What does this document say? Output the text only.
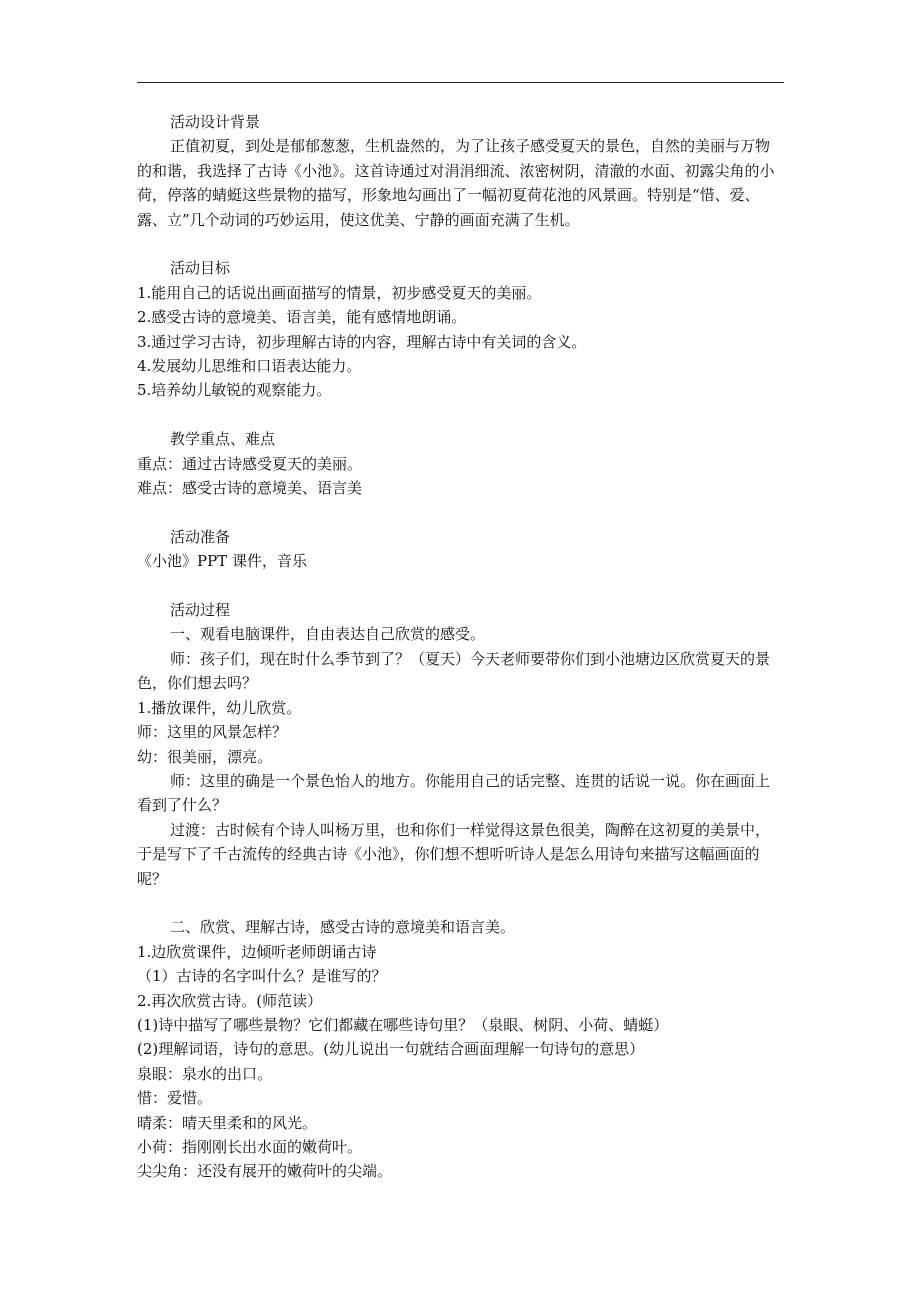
活动设计背景

正值初夏，到处是郁郁葱葱，生机盎然的，为了让孩子感受夏天的景色，自然的美丽与万物的和谐，我选择了古诗《小池》。这首诗通过对涓涓细流、浓密树阴，清澈的水面、初露尖角的小荷，停落的蜻蜓这些景物的描写，形象地勾画出了一幅初夏荷花池的风景画。特别是“惜、爱、露、立”几个动词的巧妙运用，使这优美、宁静的画面充满了生机。

活动目标

1.能用自己的话说出画面描写的情景，初步感受夏天的美丽。

2.感受古诗的意境美、语言美，能有感情地朗诵。

3.通过学习古诗，初步理解古诗的内容，理解古诗中有关词的含义。

4.发展幼儿思维和口语表达能力。

5.培养幼儿敏锐的观察能力。

教学重点、难点

重点：通过古诗感受夏天的美丽。

难点：感受古诗的意境美、语言美

活动准备

《小池》PPT 课件，音乐

活动过程

一、观看电脑课件，自由表达自己欣赏的感受。

师：孩子们，现在时什么季节到了？（夏天）今天老师要带你们到小池塘边区欣赏夏天的景色，你们想去吗？

1.播放课件，幼儿欣赏。

师：这里的风景怎样？

幼：很美丽，漂亮。

师：这里的确是一个景色怡人的地方。你能用自己的话完整、连贯的话说一说。你在画面上看到了什么？

过渡：古时候有个诗人叫杨万里，也和你们一样觉得这景色很美，陶醉在这初夏的美景中，于是写下了千古流传的经典古诗《小池》，你们想不想听听诗人是怎么用诗句来描写这幅画面的呢？

二、欣赏、理解古诗，感受古诗的意境美和语言美。

1.边欣赏课件，边倾听老师朗诵古诗

（1）古诗的名字叫什么？是谁写的？

2.再次欣赏古诗。(师范读）

(1)诗中描写了哪些景物？它们都藏在哪些诗句里？（泉眼、树阴、小荷、蜻蜓）

(2)理解词语，诗句的意思。(幼儿说出一句就结合画面理解一句诗句的意思）

泉眼：泉水的出口。

惜：爱惜。

晴柔：晴天里柔和的风光。

小荷：指刚刚长出水面的嫩荷叶。

尖尖角：还没有展开的嫩荷叶的尖端。
